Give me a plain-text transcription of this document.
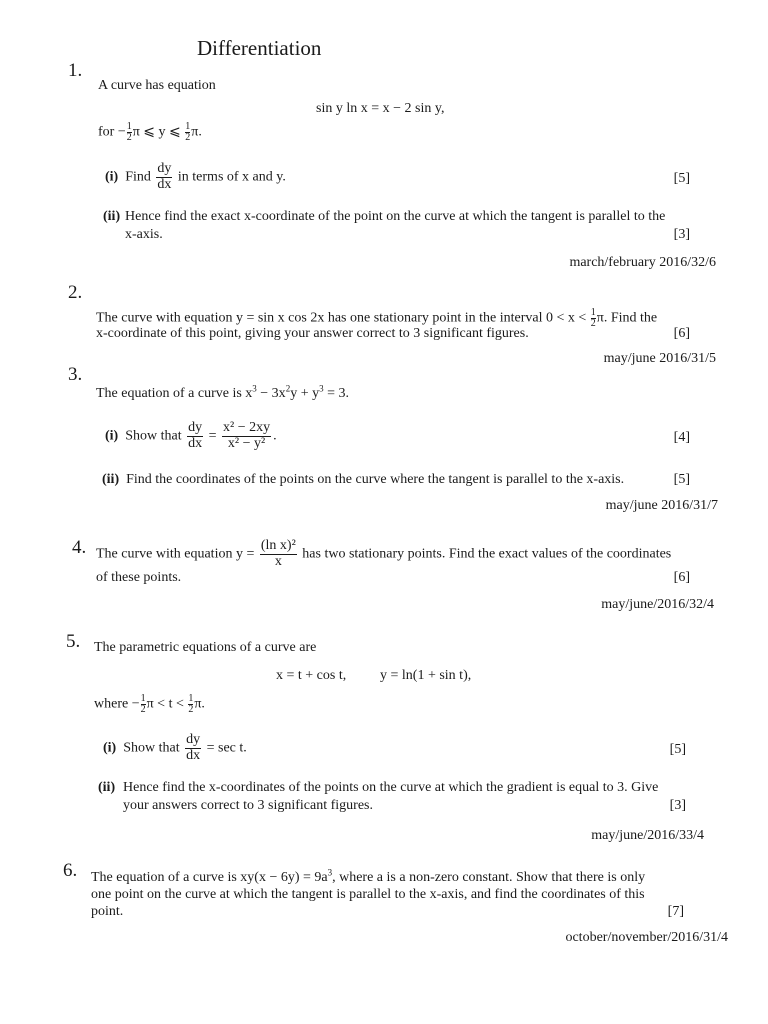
Differentiation
1.
A curve has equation
sin y ln x = x − 2 sin y,
for − $\frac{1}{2}$ π ⩽ y ⩽ $\frac{1}{2} \pi$.
(i) Find $\frac{dy}{dx}$ in terms of x and y.	[5]
(ii) Hence find the exact x-coordinate of the point on the curve at which the tangent is parallel to the
x-axis.	[3]
march/february 2016/32/6
2.
The curve with equation y = sin x cos 2x has one stationary point in the interval $0 < x < \frac{1}{2} \pi$. Find the
x-coordinate of this point, giving your answer correct to 3 significant figures.	[6]
may/june 2016/31/5
3.
The equation of a curve is $x^3 - 3x^2y + y^3 = 3$.
(i) Show that $\frac{dy}{dx} = \frac{\text{x² − 2xy}}{\text{x² − y²}}$ .	[4]
(ii) Find the coordinates of the points on the curve where the tangent is parallel to the x-axis.	[5]
may/june 2016/31/7
4. The curve with equation $y = \frac{\text{(ln x)²}}{x}$ has two stationary points. Find the exact values of the coordinates
of these points.	[6]
may/june/2016/32/4
5. The parametric equations of a curve are
x = t + cos t, y = ln(1 + sin t),
where − $\frac{1}{2}$ $\pi < t < \frac{1}{2} \pi$.
(i) Show that $\frac{dy}{dx} = \sec t$.	[5]
(ii) Hence find the x-coordinates of the points on the curve at which the gradient is equal to 3. Give
your answers correct to 3 significant figures.	[3]
may/june/2016/33/4
6. The equation of a curve is $xy(x - 6y) = 9a^3$, where a is a non-zero constant. Show that there is only
one point on the curve at which the tangent is parallel to the x-axis, and find the coordinates of this
point.	[7]
october/november/2016/31/4
